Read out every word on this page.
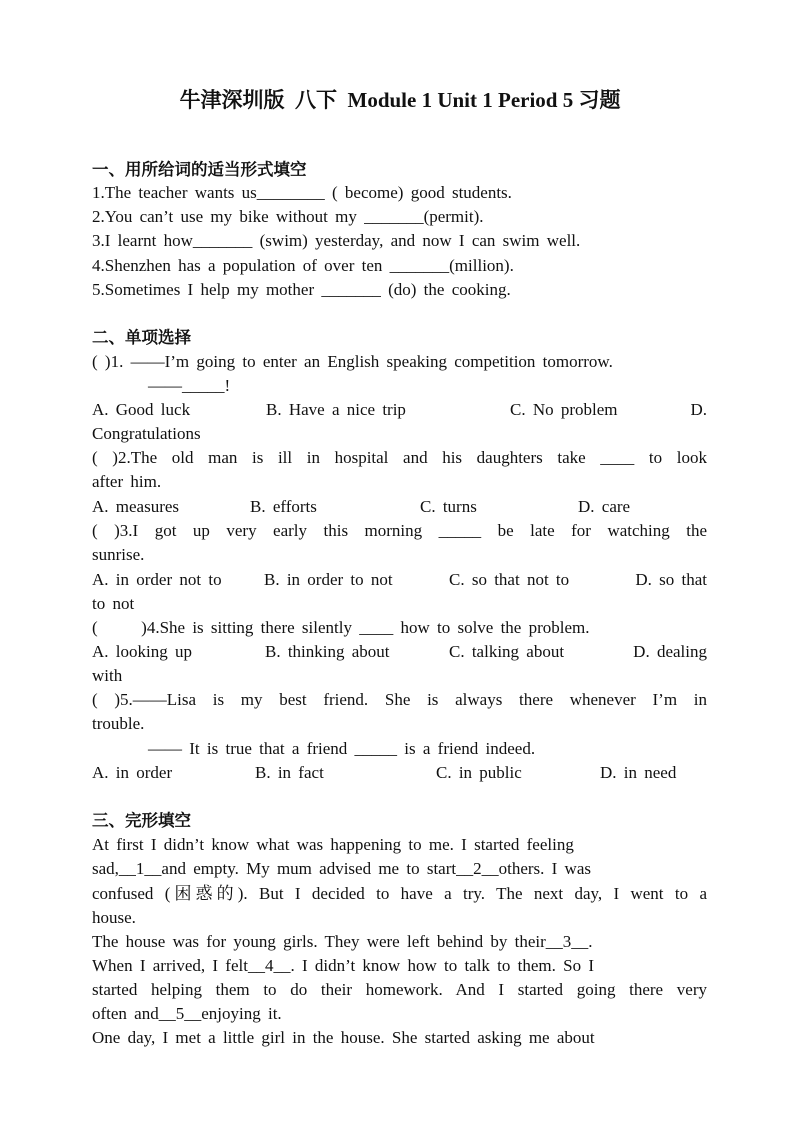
牛津深圳版  八下  Module 1 Unit 1 Period 5 习题
一、用所给词的适当形式填空
1.The teacher wants us________ ( become) good students.
2.You can’t use my bike without my _______(permit).
3.I learnt how_______ (swim) yesterday, and now I can swim well.
4.Shenzhen has a population of over ten _______(million).
5.Sometimes I help my mother _______ (do) the cooking.
二、单项选择
( )1. ——I’m going to enter an English speaking competition tomorrow.
——_____!
A. Good luck	B. Have a nice trip	C. No problem	D.
Congratulations
( )2.The old man is ill in hospital and his daughters take ____ to look
after him.
A. measures	B. efforts	C. turns	D. care
( )3.I got up very early this morning _____ be late for watching the
sunrise.
A. in order not to B. in order to not	C. so that not to	D. so that
to not
(      )4.She is sitting there silently ____ how to solve the problem.
A. looking up	B. thinking about	C. talking about	D. dealing
with
( )5.——Lisa is my best friend. She is always there whenever I’m in
trouble.
—— It is true that a friend _____ is a friend indeed.
A. in order	B. in fact	C. in public	D. in need
三、完形填空
At first I didn’t know what was happening to me. I started feeling
sad,__1__and empty. My mum advised me to start__2__others. I was
confused (困惑的). But I decided to have a try. The next day, I went to a
house.
The house was for young girls. They were left behind by their__3__.
When I arrived, I felt__4__. I didn’t know how to talk to them. So I
started helping them to do their homework. And I started going there very
often and__5__enjoying it.
One day, I met a little girl in the house. She started asking me about
